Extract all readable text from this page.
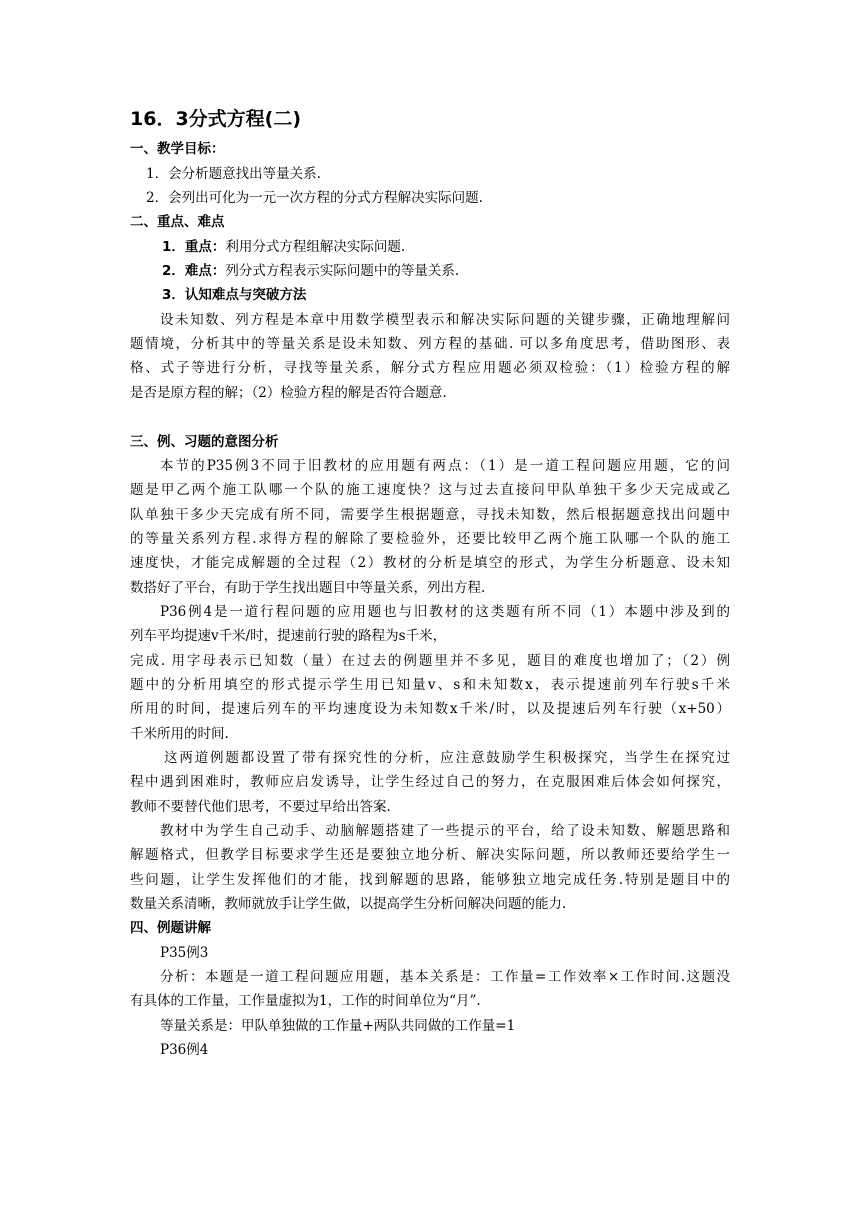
16．3分式方程(二)
一、教学目标：
1．会分析题意找出等量关系.
2．会列出可化为一元一次方程的分式方程解决实际问题.
二、重点、难点
1．重点：利用分式方程组解决实际问题.
2．难点：列分式方程表示实际问题中的等量关系.
3．认知难点与突破方法
设未知数、列方程是本章中用数学模型表示和解决实际问题的关键步骤，正确地理解问
题情境，分析其中的等量关系是设未知数、列方程的基础. 可以多角度思考，借助图形、表
格、式子等进行分析，寻找等量关系，解分式方程应用题必须双检验：（1）检验方程的解
是否是原方程的解；（2）检验方程的解是否符合题意.
三、例、习题的意图分析
本节的P35例3不同于旧教材的应用题有两点：（1）是一道工程问题应用题，它的问
题是甲乙两个施工队哪一个队的施工速度快？这与过去直接问甲队单独干多少天完成或乙
队单独干多少天完成有所不同，需要学生根据题意，寻找未知数，然后根据题意找出问题中
的等量关系列方程.求得方程的解除了要检验外，还要比较甲乙两个施工队哪一个队的施工
速度快，才能完成解题的全过程（2）教材的分析是填空的形式，为学生分析题意、设未知
数搭好了平台，有助于学生找出题目中等量关系，列出方程.
P36例4是一道行程问题的应用题也与旧教材的这类题有所不同（1）本题中涉及到的
列车平均提速v千米/时，提速前行驶的路程为s千米，
完成. 用字母表示已知数（量）在过去的例题里并不多见，题目的难度也增加了；（2）例
题中的分析用填空的形式提示学生用已知量v、s和未知数x，表示提速前列车行驶s千米
所用的时间，提速后列车的平均速度设为未知数x千米/时，以及提速后列车行驶（x+50）
千米所用的时间.
这两道例题都设置了带有探究性的分析，应注意鼓励学生积极探究，当学生在探究过
程中遇到困难时，教师应启发诱导，让学生经过自己的努力，在克服困难后体会如何探究，
教师不要替代他们思考，不要过早给出答案.
教材中为学生自己动手、动脑解题搭建了一些提示的平台，给了设未知数、解题思路和
解题格式，但教学目标要求学生还是要独立地分析、解决实际问题，所以教师还要给学生一
些问题，让学生发挥他们的才能，找到解题的思路，能够独立地完成任务.特别是题目中的
数量关系清晰，教师就放手让学生做，以提高学生分析问解决问题的能力.
四、例题讲解
P35例3
分析：本题是一道工程问题应用题，基本关系是：工作量=工作效率×工作时间.这题没
有具体的工作量，工作量虚拟为1，工作的时间单位为“月”.
等量关系是：甲队单独做的工作量+两队共同做的工作量=1
P36例4
